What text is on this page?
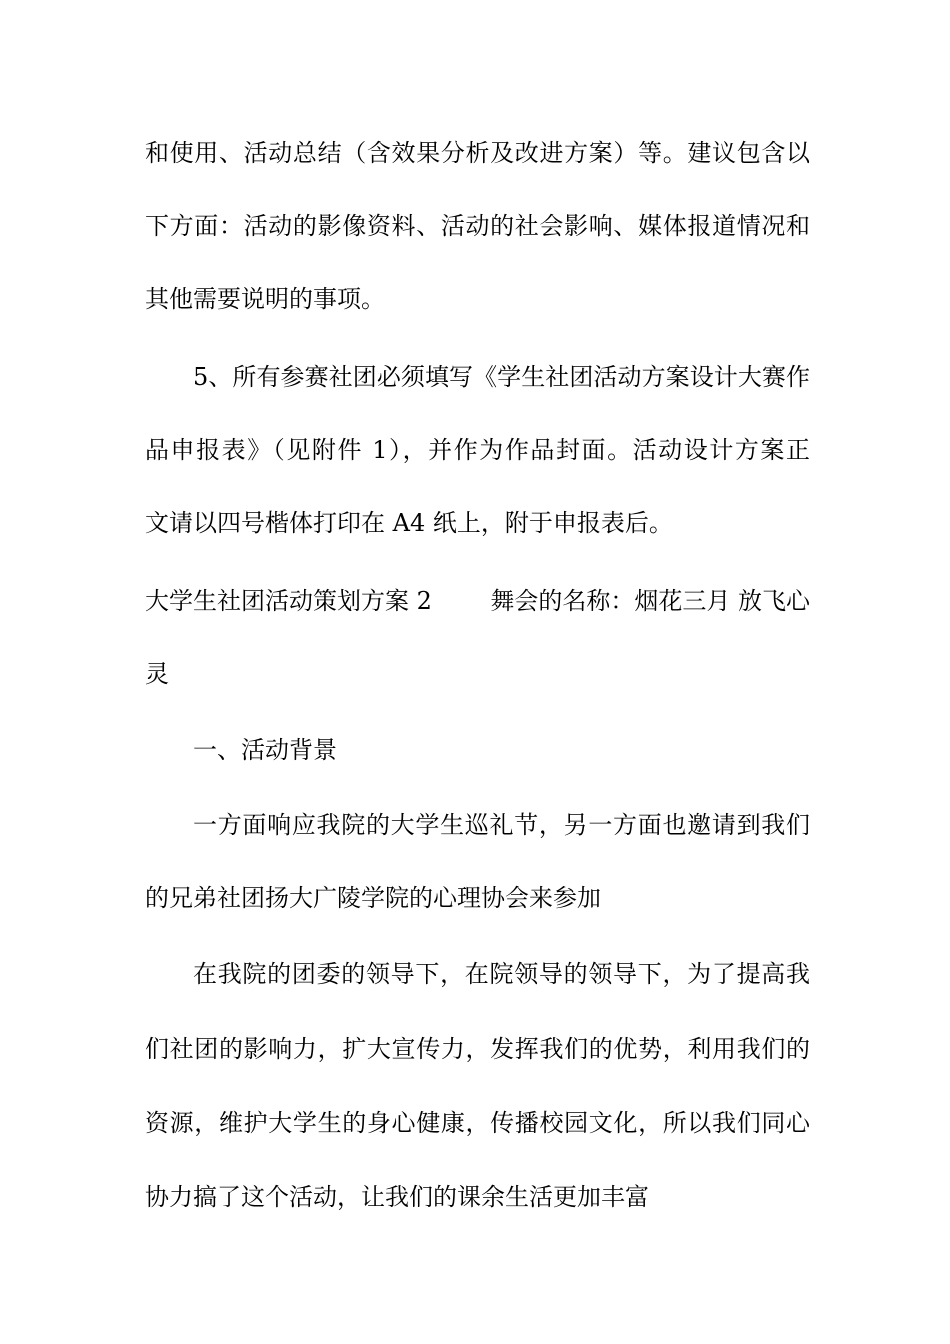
和使用、活动总结（含效果分析及改进方案）等。建议包含以
下方面：活动的影像资料、活动的社会影响、媒体报道情况和
其他需要说明的事项。
5、所有参赛社团必须填写《学生社团活动方案设计大赛作
品申报表》（见附件 1），并作为作品封面。活动设计方案正
文请以四号楷体打印在 A4 纸上，附于申报表后。
大学生社团活动策划方案 2 舞会的名称：烟花三月 放飞心
灵
一、活动背景
一方面响应我院的大学生巡礼节，另一方面也邀请到我们
的兄弟社团扬大广陵学院的心理协会来参加
在我院的团委的领导下，在院领导的领导下，为了提高我
们社团的影响力，扩大宣传力，发挥我们的优势，利用我们的
资源，维护大学生的身心健康，传播校园文化，所以我们同心
协力搞了这个活动，让我们的课余生活更加丰富
